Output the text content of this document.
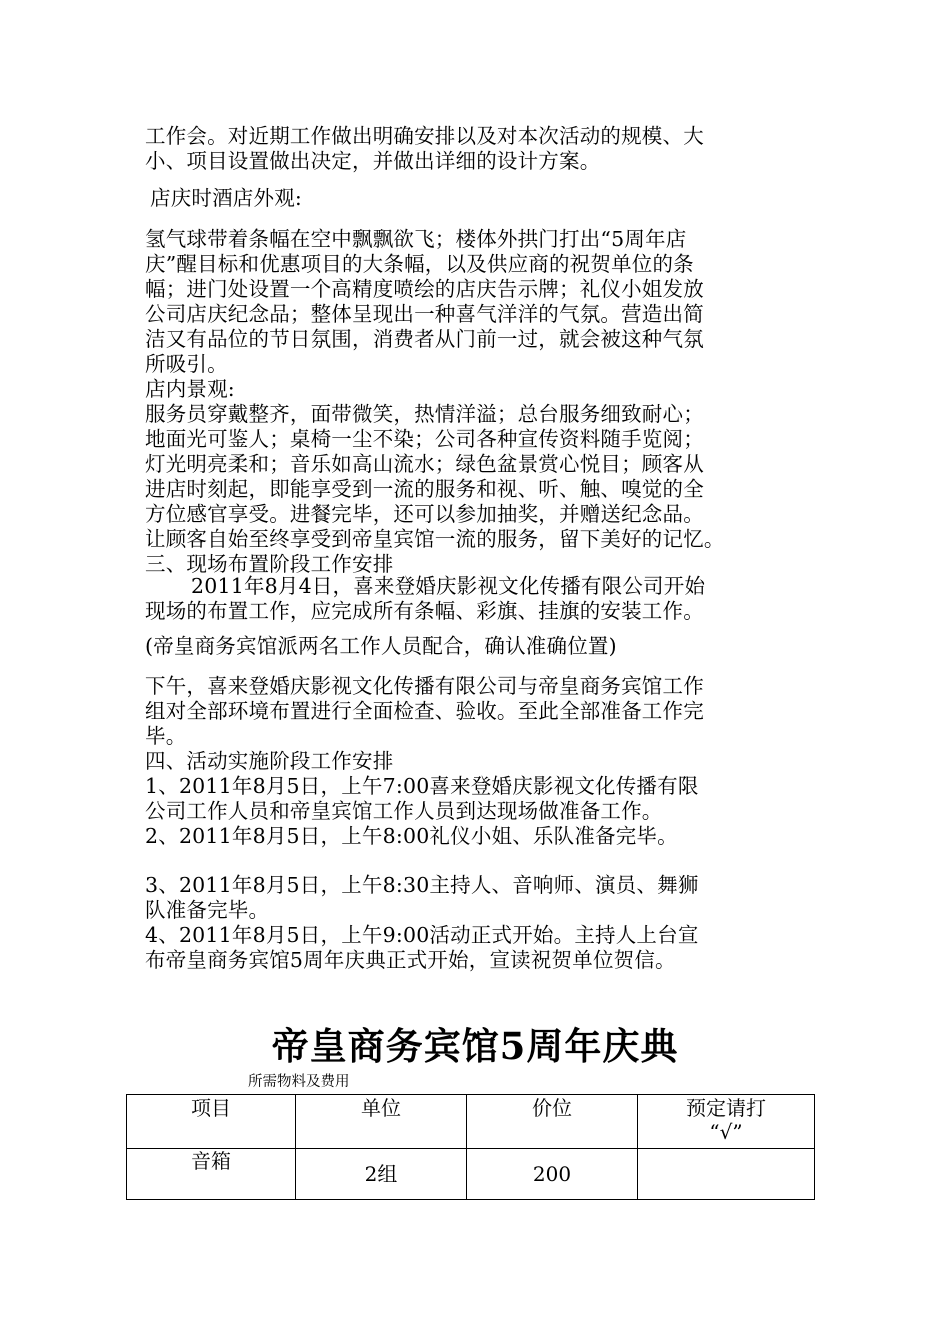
工作会。对近期工作做出明确安排以及对本次活动的规模、大
小、项目设置做出决定，并做出详细的设计方案。
店庆时酒店外观:
氢气球带着条幅在空中飘飘欲飞；楼体外拱门打出“5周年店
庆”醒目标和优惠项目的大条幅，以及供应商的祝贺单位的条
幅；进门处设置一个高精度喷绘的店庆告示牌；礼仪小姐发放
公司店庆纪念品；整体呈现出一种喜气洋洋的气氛。营造出简
洁又有品位的节日氛围，消费者从门前一过，就会被这种气氛
所吸引。
店内景观:
服务员穿戴整齐，面带微笑，热情洋溢；总台服务细致耐心；
地面光可鉴人；桌椅一尘不染；公司各种宣传资料随手览阅；
灯光明亮柔和；音乐如高山流水；绿色盆景赏心悦目；顾客从
进店时刻起，即能享受到一流的服务和视、听、触、嗅觉的全
方位感官享受。进餐完毕，还可以参加抽奖，并赠送纪念品。
让顾客自始至终享受到帝皇宾馆一流的服务，留下美好的记忆。
三、现场布置阶段工作安排
2011年8月4日，喜来登婚庆影视文化传播有限公司开始
现场的布置工作，应完成所有条幅、彩旗、挂旗的安装工作。
(帝皇商务宾馆派两名工作人员配合，确认准确位置)
下午，喜来登婚庆影视文化传播有限公司与帝皇商务宾馆工作
组对全部环境布置进行全面检查、验收。至此全部准备工作完
毕。
四、活动实施阶段工作安排
1、2011年8月5日，上午7:00喜来登婚庆影视文化传播有限
公司工作人员和帝皇宾馆工作人员到达现场做准备工作。
2、2011年8月5日，上午8:00礼仪小姐、乐队准备完毕。
3、2011年8月5日，上午8:30主持人、音响师、演员、舞狮
队准备完毕。
4、2011年8月5日，上午9:00活动正式开始。主持人上台宣
布帝皇商务宾馆5周年庆典正式开始，宣读祝贺单位贺信。
帝皇商务宾馆5周年庆典
所需物料及费用
项目	单位	价位	预定请打
“√”

音箱	2组	200	
